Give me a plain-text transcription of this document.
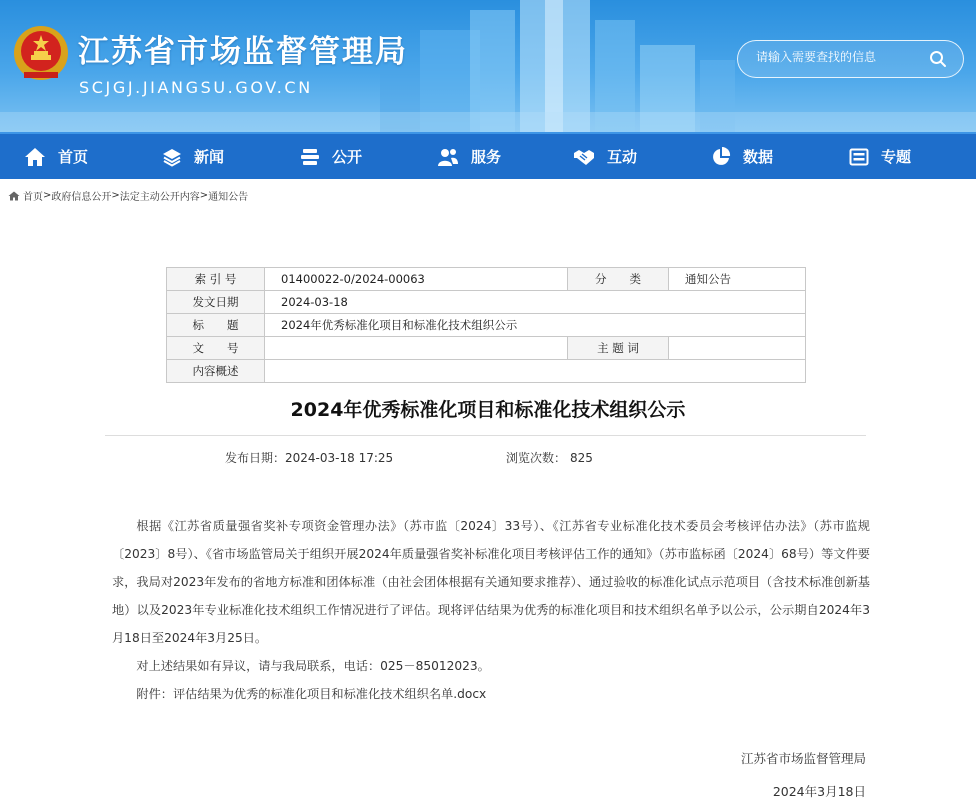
江苏省市场监督管理局
SCJGJ.JIANGSU.GOV.CN
请输入需要查找的信息
首页	新闻	公开	服务	互动	数据	专题
首页 > 政府信息公开 > 法定主动公开内容 > 通知公告
索 引 号	01400022-0/2024-00063	分　　类	通知公告
发文日期	2024-03-18		
标　　题	2024年优秀标准化项目和标准化技术组织公示		
文　　号		主 题 词	
内容概述			
2024年优秀标准化项目和标准化技术组织公示
发布日期：2024-03-18 17:25	浏览次数： 825

根据《江苏省质量强省奖补专项资金管理办法》（苏市监〔2024〕33号）、《江苏省专业标准化技术委员会考核评估办法》（苏市监规〔2023〕8号）、《省市场监管局关于组织开展2024年质量强省奖补标准化项目考核评估工作的通知》（苏市监标函〔2024〕68号）等文件要求，我局对2023年发布的省地方标准和团体标准（由社会团体根据有关通知要求推荐）、通过验收的标准化试点示范项目（含技术标准创新基地）以及2023年专业标准化技术组织工作情况进行了评估。现将评估结果为优秀的标准化项目和技术组织名单予以公示，公示期自2024年3月18日至2024年3月25日。

对上述结果如有异议，请与我局联系，电话：025－85012023。

附件：评估结果为优秀的标准化项目和标准化技术组织名单.docx

江苏省市场监督管理局
2024年3月18日
